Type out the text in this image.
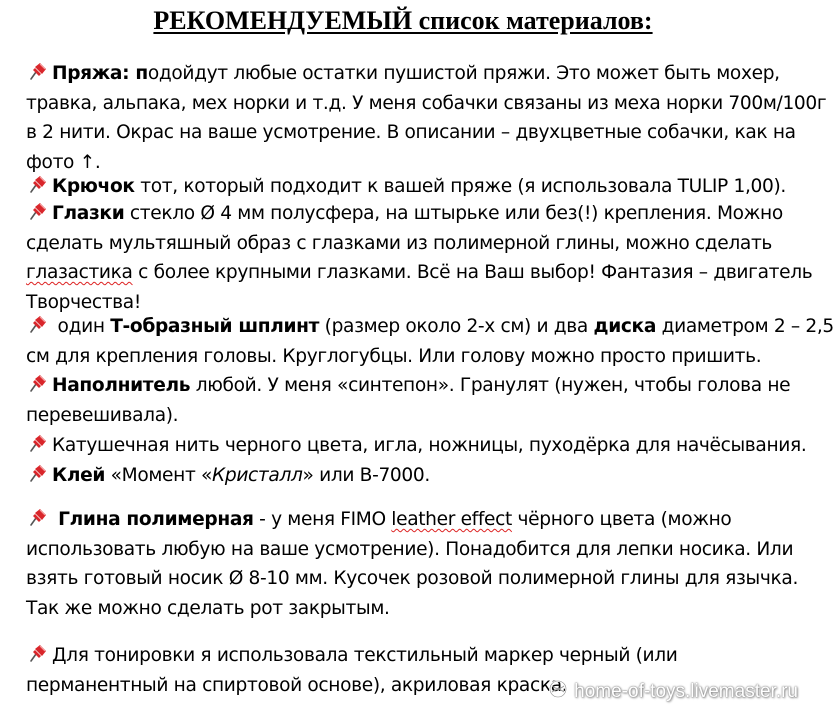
РЕКОМЕНДУЕМЫЙ список материалов:
Пряжа: подойдут любые остатки пушистой пряжи. Это может быть мохер,
травка, альпака, мех норки и т.д. У меня собачки связаны из меха норки 700м/100г
в 2 нити. Окрас на ваше усмотрение. В описании – двухцветные собачки, как на
фото ↑.
Крючок тот, который подходит к вашей пряже (я использовала TULIP 1,00).
Глазки стекло Ø 4 мм полусфера, на штырьке или без(!) крепления. Можно
сделать мультяшный образ с глазками из полимерной глины, можно сделать
глазастика с более крупными глазками. Всё на Ваш выбор! Фантазия – двигатель
Творчества!
один Т-образный шплинт (размер около 2-х см) и два диска диаметром 2 – 2,5
см для крепления головы. Круглогубцы. Или голову можно просто пришить.
Наполнитель любой. У меня «синтепон». Гранулят (нужен, чтобы голова не
перевешивала).
Катушечная нить черного цвета, игла, ножницы, пуходёрка для начёсывания.
Клей «Момент «Кристалл» или В-7000.
Глина полимерная - у меня FIMO leather effect чёрного цвета (можно
использовать любую на ваше усмотрение). Понадобится для лепки носика. Или
взять готовый носик Ø 8-10 мм. Кусочек розовой полимерной глины для язычка.
Так же можно сделать рот закрытым.
Для тонировки я использовала текстильный маркер черный (или
перманентный на спиртовой основе), акриловая краска. home-of-toys.livemaster.ru
